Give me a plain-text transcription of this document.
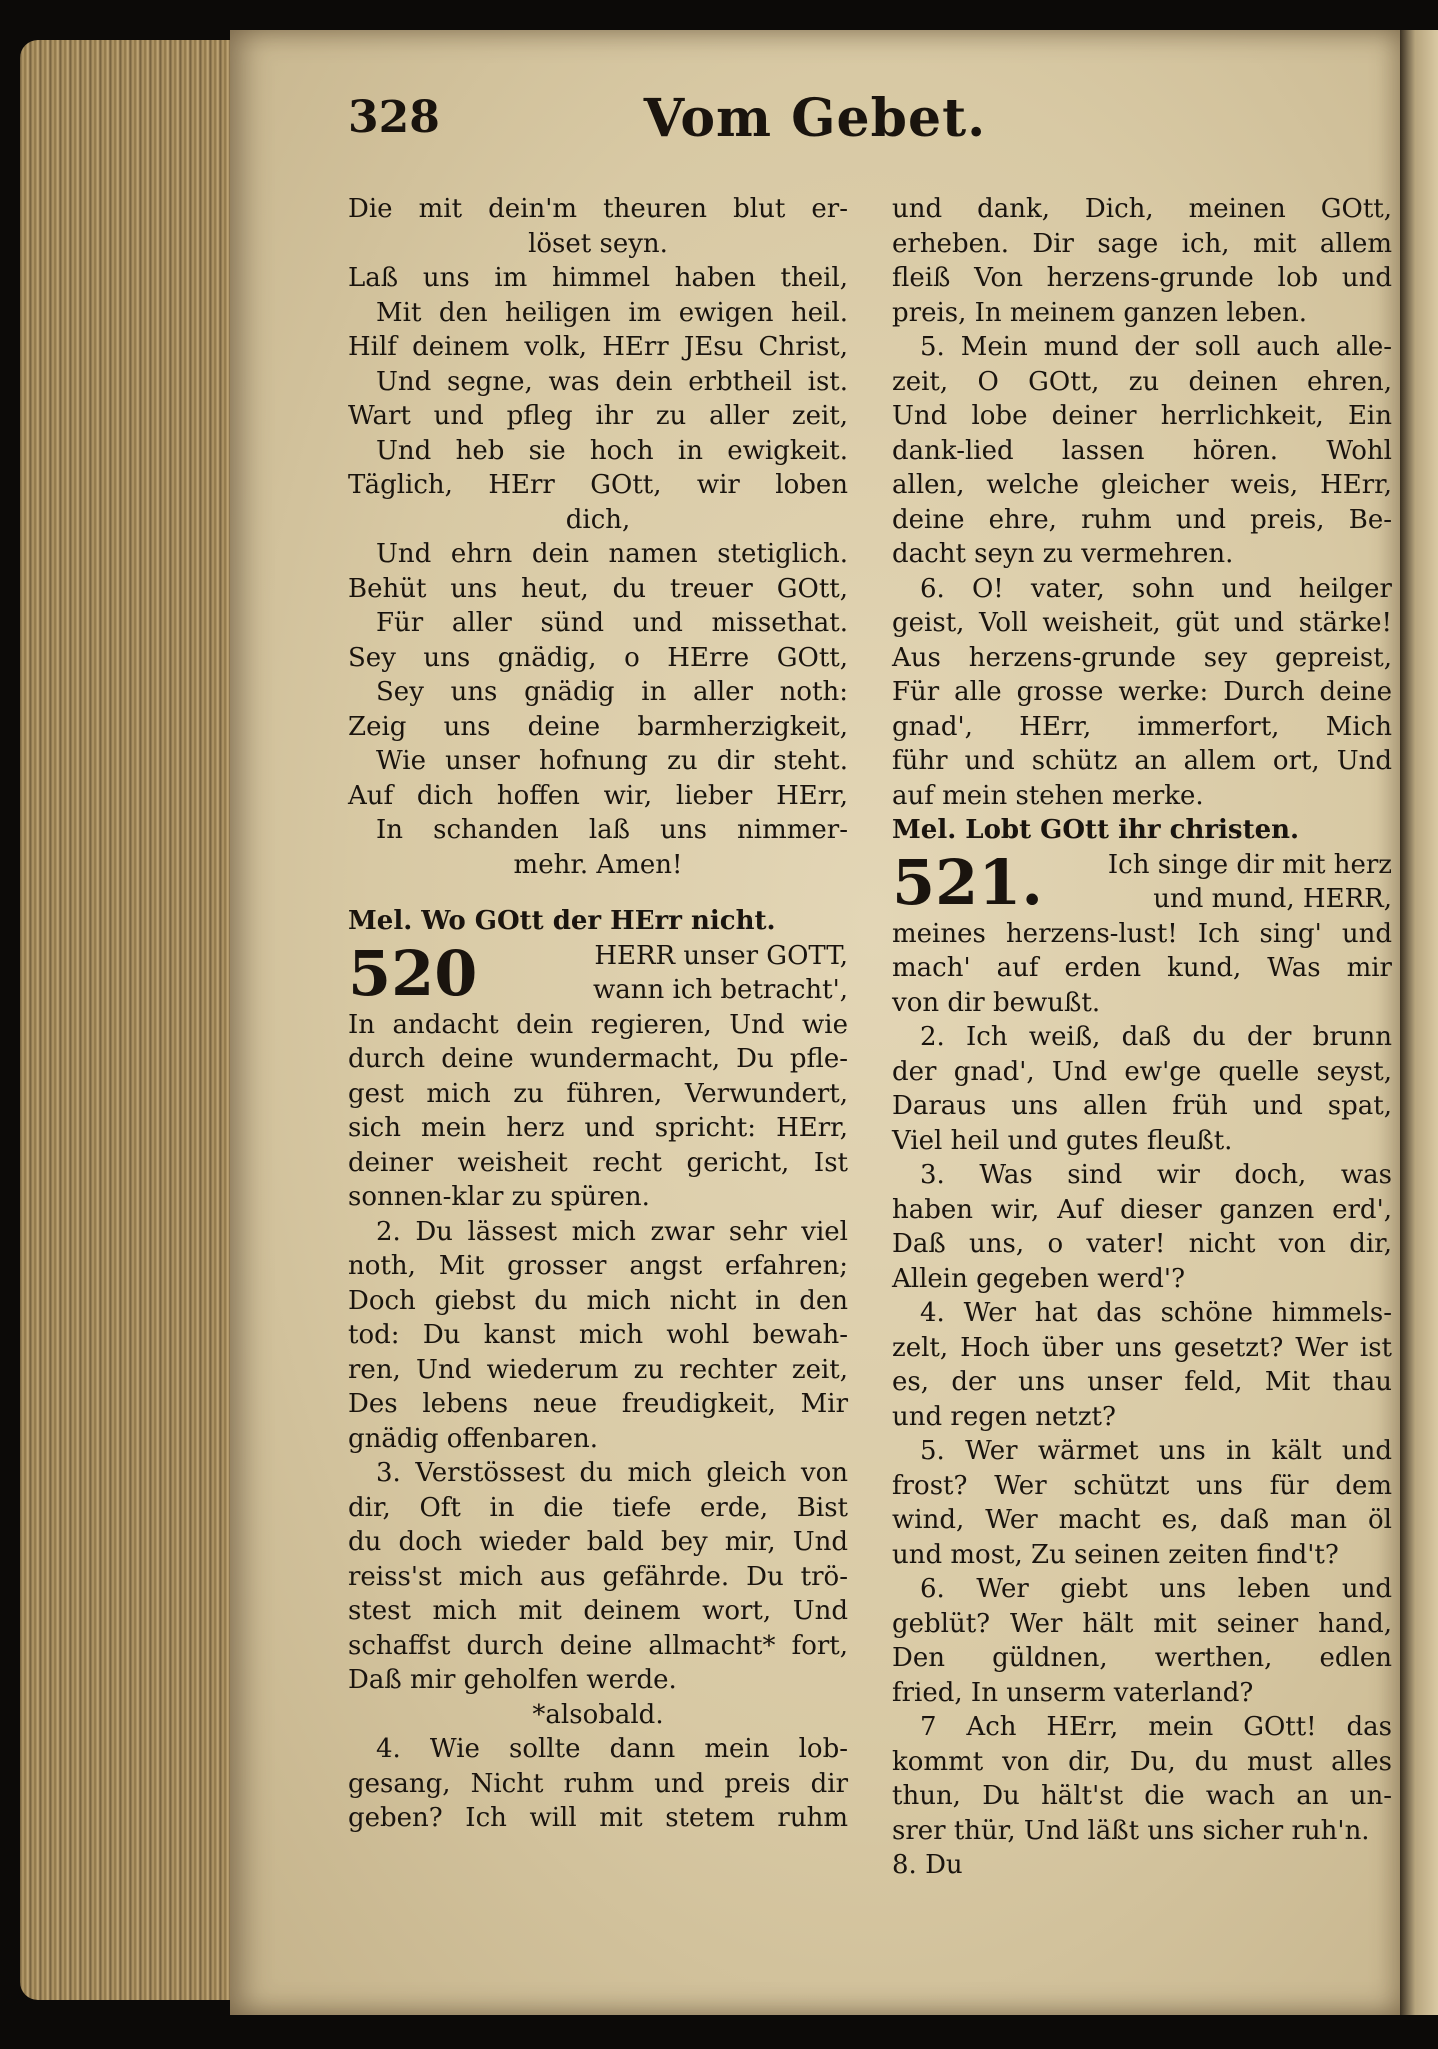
328	Vom Gebet.
Die mit dein'm theuren blut er-
löset seyn.
Laß uns im himmel haben theil,
Mit den heiligen im ewigen heil.
Hilf deinem volk, HErr JEsu Christ,
Und segne, was dein erbtheil ist.
Wart und pfleg ihr zu aller zeit,
Und heb sie hoch in ewigkeit.
Täglich, HErr GOtt, wir loben
dich,
Und ehrn dein namen stetiglich.
Behüt uns heut, du treuer GOtt,
Für aller sünd und missethat.
Sey uns gnädig, o HErre GOtt,
Sey uns gnädig in aller noth:
Zeig uns deine barmherzigkeit,
Wie unser hofnung zu dir steht.
Auf dich hoffen wir, lieber HErr,
In schanden laß uns nimmer-
mehr. Amen!
Mel. Wo GOtt der HErr nicht.
520	HERR unser GOTT,
wann ich betracht',
In andacht dein regieren, Und wie
durch deine wundermacht, Du pfle-
gest mich zu führen, Verwundert,
sich mein herz und spricht: HErr,
deiner weisheit recht gericht, Ist
sonnen-klar zu spüren.
2. Du lässest mich zwar sehr viel
noth, Mit grosser angst erfahren;
Doch giebst du mich nicht in den
tod: Du kanst mich wohl bewah-
ren, Und wiederum zu rechter zeit,
Des lebens neue freudigkeit, Mir
gnädig offenbaren.
3. Verstössest du mich gleich von
dir, Oft in die tiefe erde, Bist
du doch wieder bald bey mir, Und
reiss'st mich aus gefährde. Du trö-
stest mich mit deinem wort, Und
schaffst durch deine allmacht* fort,
Daß mir geholfen werde.
*alsobald.
4. Wie sollte dann mein lob-
gesang, Nicht ruhm und preis dir
geben? Ich will mit stetem ruhm
und dank, Dich, meinen GOtt,
erheben. Dir sage ich, mit allem
fleiß Von herzens-grunde lob und
preis, In meinem ganzen leben.
5. Mein mund der soll auch alle-
zeit, O GOtt, zu deinen ehren,
Und lobe deiner herrlichkeit, Ein
dank-lied lassen hören. Wohl
allen, welche gleicher weis, HErr,
deine ehre, ruhm und preis, Be-
dacht seyn zu vermehren.
6. O! vater, sohn und heilger
geist, Voll weisheit, güt und stärke!
Aus herzens-grunde sey gepreist,
Für alle grosse werke: Durch deine
gnad', HErr, immerfort, Mich
führ und schütz an allem ort, Und
auf mein stehen merke.
Mel. Lobt GOtt ihr christen.
521. Ich singe dir mit herz
und mund, HERR,
meines herzens-lust! Ich sing' und
mach' auf erden kund, Was mir
von dir bewußt.
2. Ich weiß, daß du der brunn
der gnad', Und ew'ge quelle seyst,
Daraus uns allen früh und spat,
Viel heil und gutes fleußt.
3. Was sind wir doch, was
haben wir, Auf dieser ganzen erd',
Daß uns, o vater! nicht von dir,
Allein gegeben werd'?
4. Wer hat das schöne himmels-
zelt, Hoch über uns gesetzt? Wer ist
es, der uns unser feld, Mit thau
und regen netzt?
5. Wer wärmet uns in kält und
frost? Wer schützt uns für dem
wind, Wer macht es, daß man öl
und most, Zu seinen zeiten find't?
6. Wer giebt uns leben und
geblüt? Wer hält mit seiner hand,
Den güldnen, werthen, edlen
fried, In unserm vaterland?
7 Ach HErr, mein GOtt! das
kommt von dir, Du, du must alles
thun, Du hält'st die wach an un-
srer thür, Und läßt uns sicher ruh'n.
8. Du
